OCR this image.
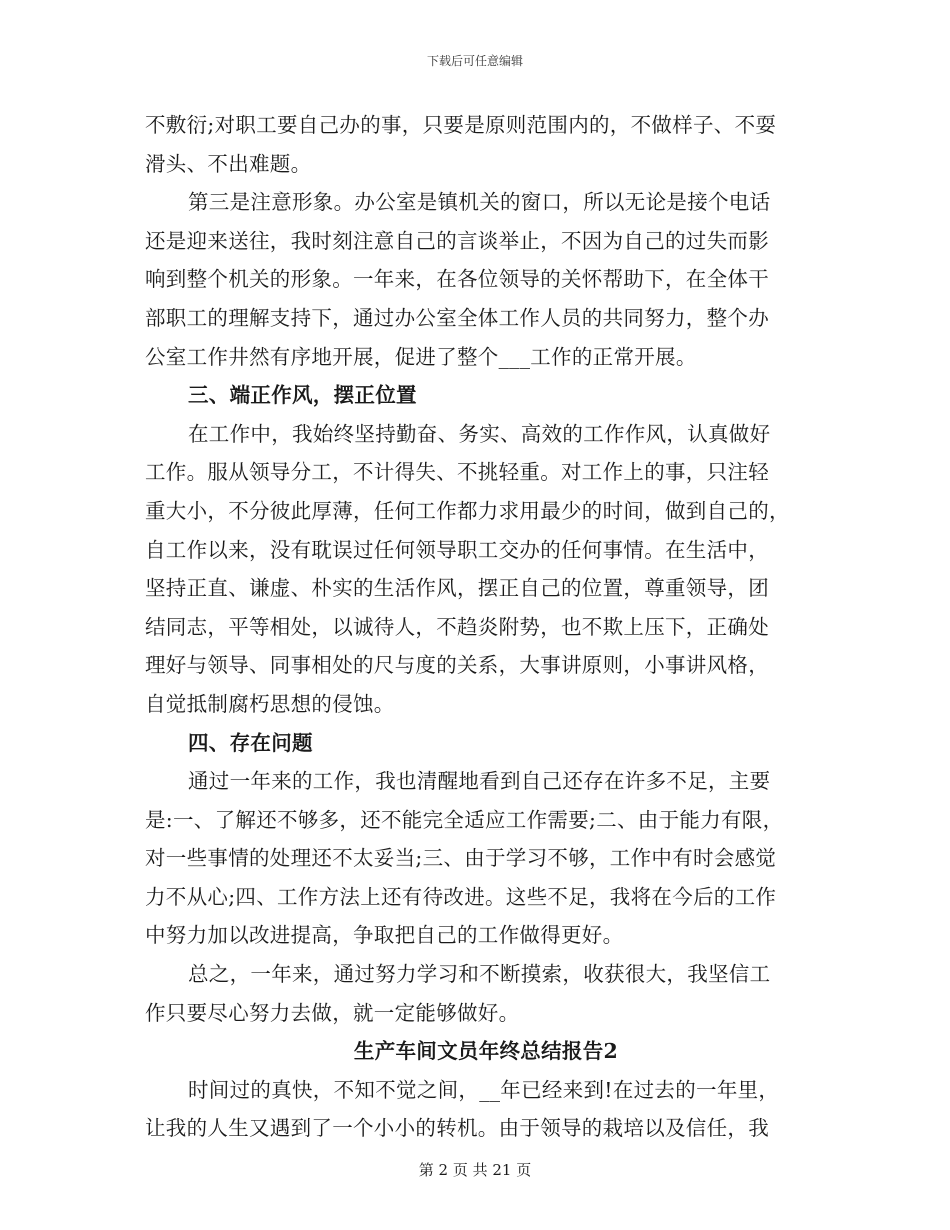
下载后可任意编辑
不敷衍;对职工要自己办的事，只要是原则范围内的，不做样子、不耍
滑头、不出难题。
第三是注意形象。办公室是镇机关的窗口，所以无论是接个电话
还是迎来送往，我时刻注意自己的言谈举止，不因为自己的过失而影
响到整个机关的形象。一年来，在各位领导的关怀帮助下，在全体干
部职工的理解支持下，通过办公室全体工作人员的共同努力，整个办
公室工作井然有序地开展，促进了整个___工作的正常开展。
三、端正作风，摆正位置
在工作中，我始终坚持勤奋、务实、高效的工作作风，认真做好
工作。服从领导分工，不计得失、不挑轻重。对工作上的事，只注轻
重大小，不分彼此厚薄，任何工作都力求用最少的时间，做到自己的，
自工作以来，没有耽误过任何领导职工交办的任何事情。在生活中，
坚持正直、谦虚、朴实的生活作风，摆正自己的位置，尊重领导，团
结同志，平等相处，以诚待人，不趋炎附势，也不欺上压下，正确处
理好与领导、同事相处的尺与度的关系，大事讲原则，小事讲风格，
自觉抵制腐朽思想的侵蚀。
四、存在问题
通过一年来的工作，我也清醒地看到自己还存在许多不足，主要
是:一、了解还不够多，还不能完全适应工作需要;二、由于能力有限，
对一些事情的处理还不太妥当;三、由于学习不够，工作中有时会感觉
力不从心;四、工作方法上还有待改进。这些不足，我将在今后的工作
中努力加以改进提高，争取把自己的工作做得更好。
总之，一年来，通过努力学习和不断摸索，收获很大，我坚信工
作只要尽心努力去做，就一定能够做好。
生产车间文员年终总结报告2
时间过的真快，不知不觉之间，__年已经来到!在过去的一年里，
让我的人生又遇到了一个小小的转机。由于领导的栽培以及信任，我
第 2 页 共 21 页
